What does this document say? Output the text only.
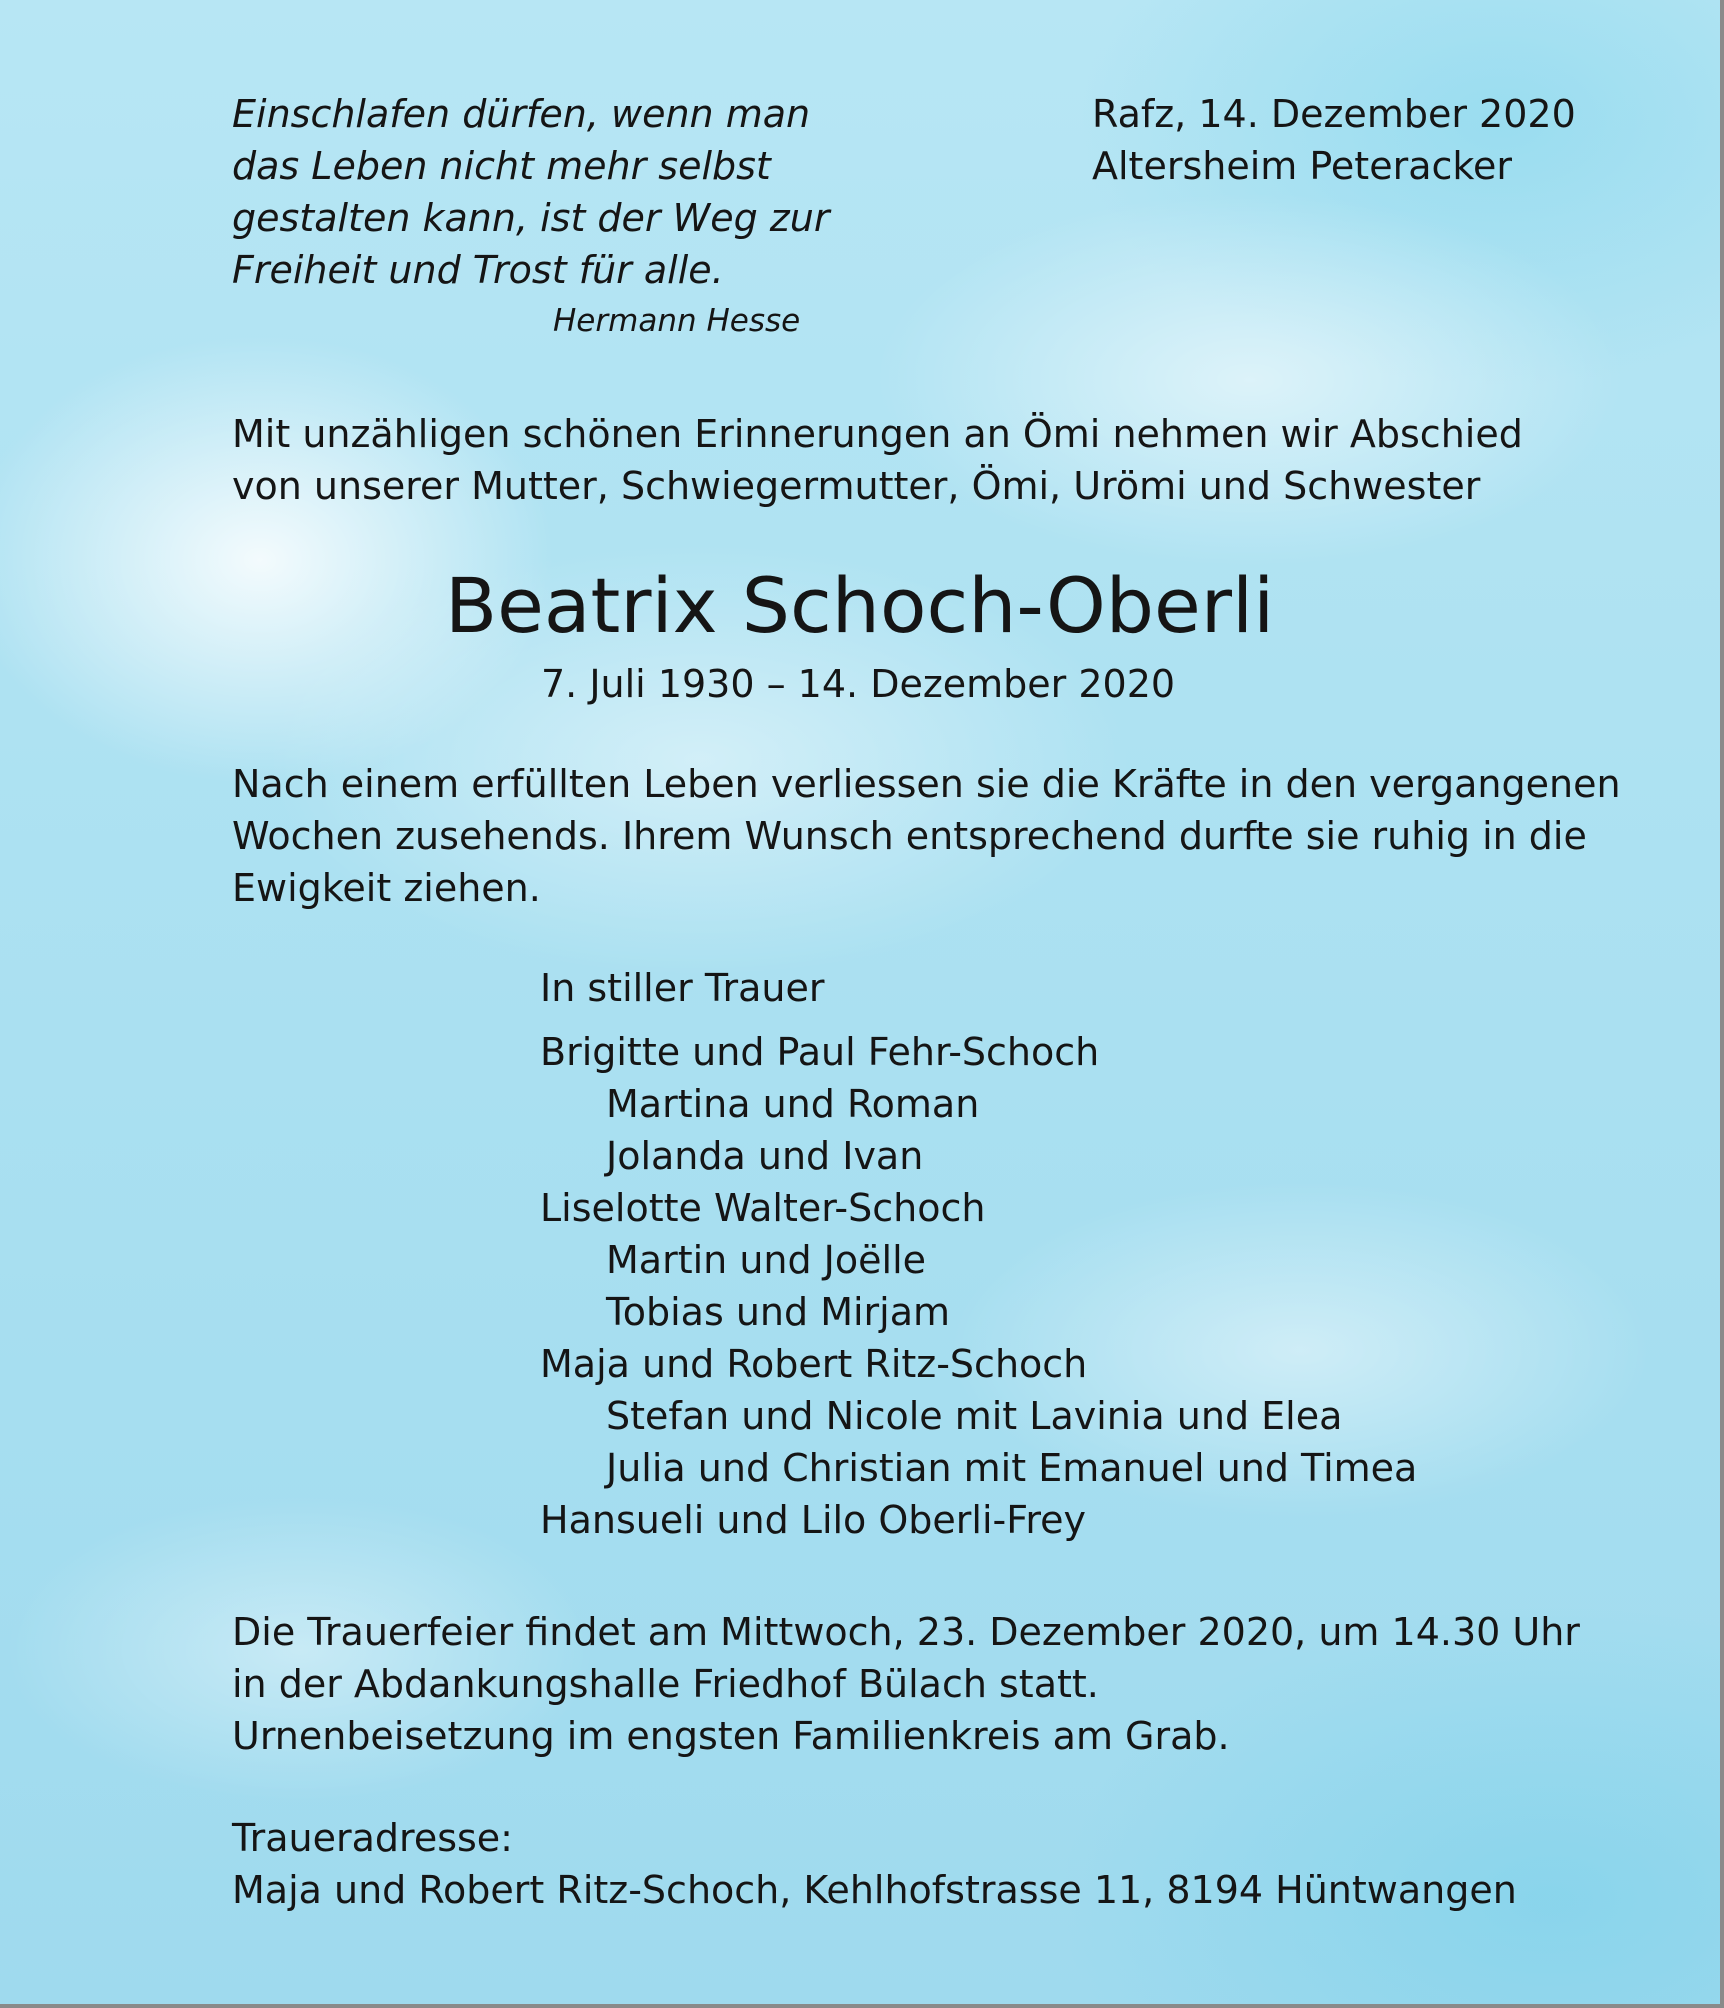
Einschlafen dürfen, wenn man
das Leben nicht mehr selbst
gestalten kann, ist der Weg zur
Freiheit und Trost für alle.
Hermann Hesse
Rafz, 14. Dezember 2020
Altersheim Peteracker
Mit unzähligen schönen Erinnerungen an Ömi nehmen wir Abschied
von unserer Mutter, Schwiegermutter, Ömi, Urömi und Schwester
Beatrix Schoch-Oberli
7. Juli 1930 – 14. Dezember 2020
Nach einem erfüllten Leben verliessen sie die Kräfte in den vergangenen
Wochen zusehends. Ihrem Wunsch entsprechend durfte sie ruhig in die
Ewigkeit ziehen.
In stiller Trauer
Brigitte und Paul Fehr-Schoch
Martina und Roman
Jolanda und Ivan
Liselotte Walter-Schoch
Martin und Joëlle
Tobias und Mirjam
Maja und Robert Ritz-Schoch
Stefan und Nicole mit Lavinia und Elea
Julia und Christian mit Emanuel und Timea
Hansueli und Lilo Oberli-Frey
Die Trauerfeier findet am Mittwoch, 23. Dezember 2020, um 14.30 Uhr
in der Abdankungshalle Friedhof Bülach statt.
Urnenbeisetzung im engsten Familienkreis am Grab.
Traueradresse:
Maja und Robert Ritz-Schoch, Kehlhofstrasse 11, 8194 Hüntwangen
